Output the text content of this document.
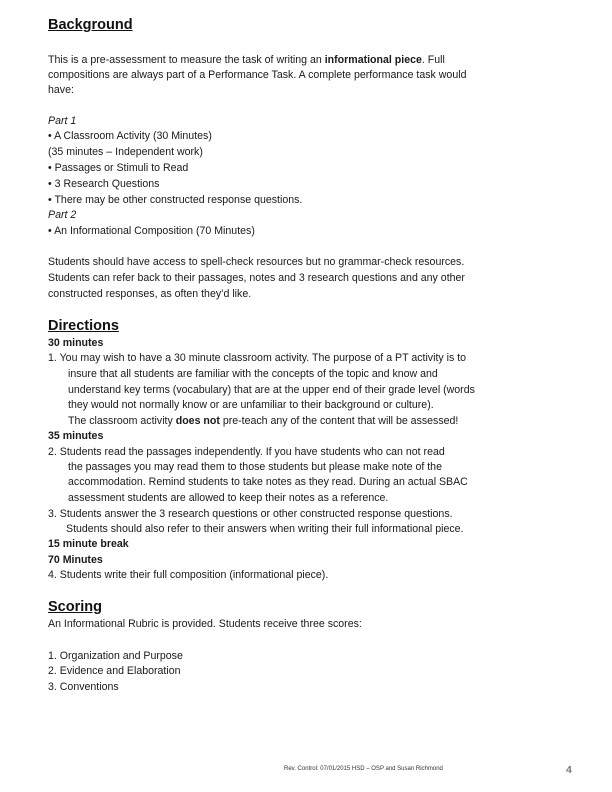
Background
This is a pre-assessment to measure the task of writing an informational piece. Full
compositions are always part of a Performance Task. A complete performance task would
have:
Part 1
• A Classroom Activity (30 Minutes)
(35 minutes – Independent work)
• Passages or Stimuli to Read
• 3 Research Questions
• There may be other constructed response questions.
Part 2
• An Informational Composition (70 Minutes)
Students should have access to spell-check resources but no grammar-check resources.
Students can refer back to their passages, notes and 3 research questions and any other
constructed responses, as often they’d like.
Directions
30 minutes
1. You may wish to have a 30 minute classroom activity. The purpose of a PT activity is to
insure that all students are familiar with the concepts of the topic and know and
understand key terms (vocabulary) that are at the upper end of their grade level (words
they would not normally know or are unfamiliar to their background or culture).
The classroom activity does not pre-teach any of the content that will be assessed!
35 minutes
2. Students read the passages independently. If you have students who can not read
the passages you may read them to those students but please make note of the
accommodation. Remind students to take notes as they read. During an actual SBAC
assessment students are allowed to keep their notes as a reference.
3. Students answer the 3 research questions or other constructed response questions.
Students should also refer to their answers when writing their full informational piece.
15 minute break
70 Minutes
4. Students write their full composition (informational piece).
Scoring
An Informational Rubric is provided. Students receive three scores:
1. Organization and Purpose
2. Evidence and Elaboration
3. Conventions
Rev. Control: 07/01/2015 HSD – OSP and Susan Richmond	4
